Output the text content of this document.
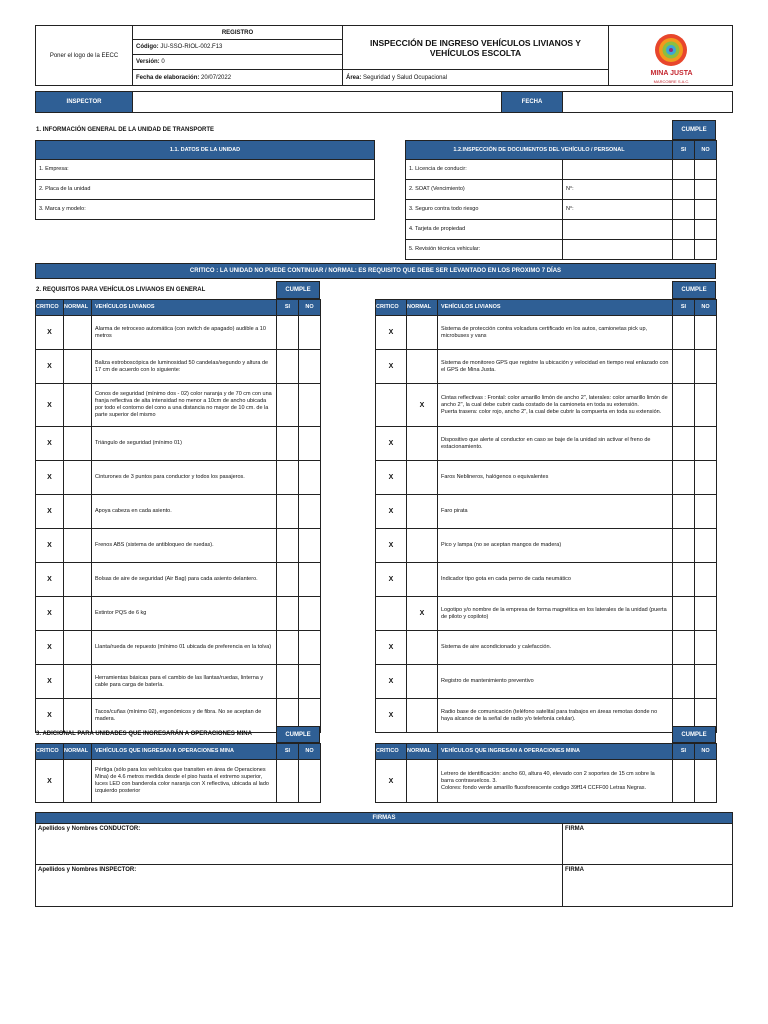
Poner el logo de la EECC
REGISTRO
Código:
JU-SSO-RIOL-002.F13
Versión:
0
Fecha de elaboración:
20/07/2022
INSPECCIÓN DE INGRESO VEHÍCULOS LIVIANOS Y VEHÍCULOS ESCOLTA
Área:
Seguridad y Salud Ocupacional
MINA JUSTA
MARCOBRE S.A.C.
INSPECTOR	FECHA
1. INFORMACIÓN GENERAL DE LA UNIDAD DE TRANSPORTE	CUMPLE
1.1. DATOS DE LA UNIDAD
1. Empresa:
2. Placa de la unidad
3. Marca y modelo:
1.2.INSPECCIÓN DE DOCUMENTOS DEL VEHÍCULO / PERSONAL		SI	NO
1. Licencia de conducir:			
2. SOAT (Vencimiento)	N°:		
3. Seguro contra todo riesgo	N°:		
4. Tarjeta de propiedad			
5. Revisión técnica vehicular:			
CRITICO : LA UNIDAD NO PUEDE CONTINUAR / NORMAL: ES REQUISITO QUE DEBE SER LEVANTADO EN LOS PROXIMO 7 DÍAS
2. REQUISITOS PARA VEHÍCULOS LIVIANOS EN GENERAL	CUMPLE	CUMPLE
CRITICO	NORMAL	VEHÍCULOS LIVIANOS	SI	NO
X		Alarma de retroceso automática (con switch de apagado) audible a 10 metros		
X		Baliza estroboscópica de luminosidad 50 candelas/segundo y altura de 17 cm de acuerdo con lo siguiente:		
X		Conos de seguridad (mínimo dos - 02) color naranja y de 70 cm con una franja reflectiva de alta intensidad no menor a 10cm de ancho ubicada por todo el contorno del cono a una distancia no mayor de 10 cm. de la parte superior del mismo		
X		Triángulo de seguridad (mínimo 01)		
X		Cinturones de 3 puntos para conductor y todos los pasajeros.		
X		Apoya cabeza en cada asiento.		
X		Frenos ABS (sistema de antibloqueo de ruedas).		
X		Bolsas de aire de seguridad (Air Bag) para cada asiento delantero.		
X		Extintor PQS de 6 kg		
X		Llanta/rueda de repuesto (mínimo 01 ubicada de preferencia en la tolva)		
X		Herramientas básicas para el cambio de las llantas/ruedas, linterna y cable para carga de batería.		
X		Tacos/cuñas (mínimo 02), ergonómicos y de fibra. No se aceptan de madera.		
CRITICO	NORMAL	VEHÍCULOS LIVIANOS	SI	NO
X		Sistema de protección contra volcadura certificado en los autos, camionetas pick up, microbuses y vans		
X		Sistema de monitoreo GPS que registre la ubicación y velocidad en tiempo real enlazado con el GPS de Mina Justa.		
	X	Cintas reflectivas : Frontal: color amarillo limón de ancho 2", laterales: color amarillo limón de ancho 2", la cual debe cubrir cada costado de la camioneta en toda su extensión.
Puerta trasera: color rojo, ancho 2", la cual debe cubrir la compuerta en toda su extensión.		
X		Dispositivo que alerte al conductor en caso se baje de la unidad sin activar el freno de estacionamiento.		
X		Faros Neblineros, halógenos o equivalentes		
X		Faro pirata		
X		Pico y lampa (no se aceptan mangos de madera)		
X		Indicador tipo gota en cada perno de cada neumático		
	X	Logotipo y/o nombre de la empresa de forma magnética en los laterales de la unidad (puerta de piloto y copiloto)		
X		Sistema de aire acondicionado y calefacción.		
X		Registro de mantenimiento preventivo		
X		Radio base de comunicación (teléfono satelital para trabajos en áreas remotas donde no haya alcance de la señal de radio y/o telefonía celular).		
3. ADICIONAL PARA UNIDADES QUE INGRESARÁN A OPERACIONES MINA	CUMPLE	CUMPLE
CRITICO	NORMAL	VEHÍCULOS QUE INGRESAN A OPERACIONES MINA	SI	NO
X		Pértiga (sólo para los vehículos que transiten en área de Operaciones Mina) de 4.6 metros medida desde el piso hasta el extremo superior, luces LED con banderola color naranja con X reflectiva, ubicada al lado izquierdo posterior		
CRITICO	NORMAL	VEHÍCULOS QUE INGRESAN A OPERACIONES MINA	SI	NO
X		Letrero de identificación: ancho 60, altura 40, elevado con 2 soportes de 15 cm sobre la barra contravuelcos. 3.
Colores: fondo verde amarillo fluosforescente codigo 39ff14 CCFF00 Letras Negras.		
FIRMAS
Apellidos y Nombres CONDUCTOR:	FIRMA
Apellidos y Nombres INSPECTOR:	FIRMA
